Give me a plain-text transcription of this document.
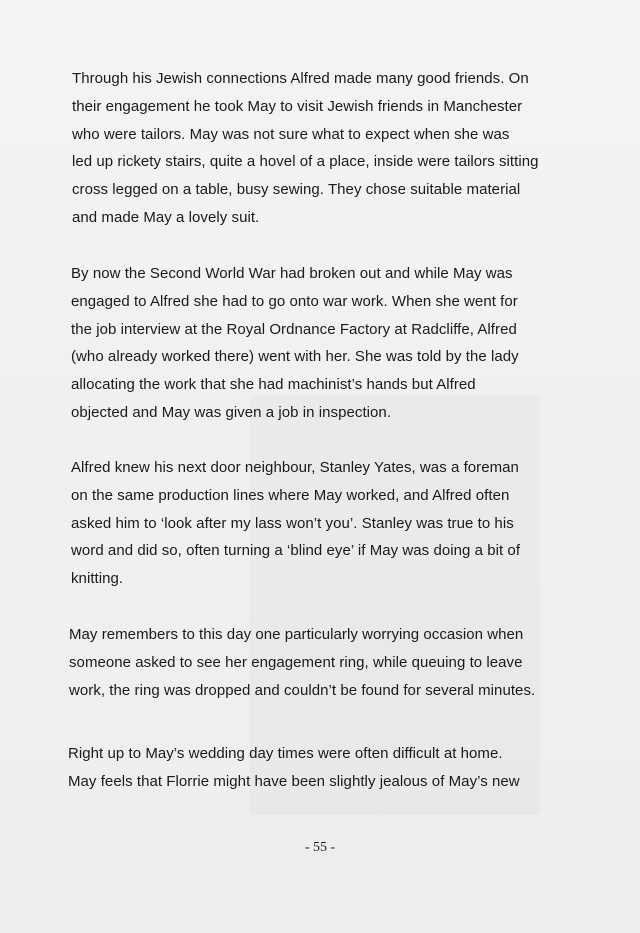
Through his Jewish connections Alfred made many good friends. On
their engagement he took May to visit Jewish friends in Manchester
who were tailors. May was not sure what to expect when she was
led up rickety stairs, quite a hovel of a place, inside were tailors sitting
cross legged on a table, busy sewing. They chose suitable material
and made May a lovely suit.

By now the Second World War had broken out and while May was
engaged to Alfred she had to go onto war work. When she went for
the job interview at the Royal Ordnance Factory at Radcliffe, Alfred
(who already worked there) went with her. She was told by the lady
allocating the work that she had machinist’s hands but Alfred
objected and May was given a job in inspection.

Alfred knew his next door neighbour, Stanley Yates, was a foreman
on the same production lines where May worked, and Alfred often
asked him to ‘look after my lass won’t you’. Stanley was true to his
word and did so, often turning a ‘blind eye’ if May was doing a bit of
knitting.

May remembers to this day one particularly worrying occasion when
someone asked to see her engagement ring, while queuing to leave
work, the ring was dropped and couldn’t be found for several minutes.

Right up to May’s wedding day times were often difficult at home.
May feels that Florrie might have been slightly jealous of May’s new

- 55 -
